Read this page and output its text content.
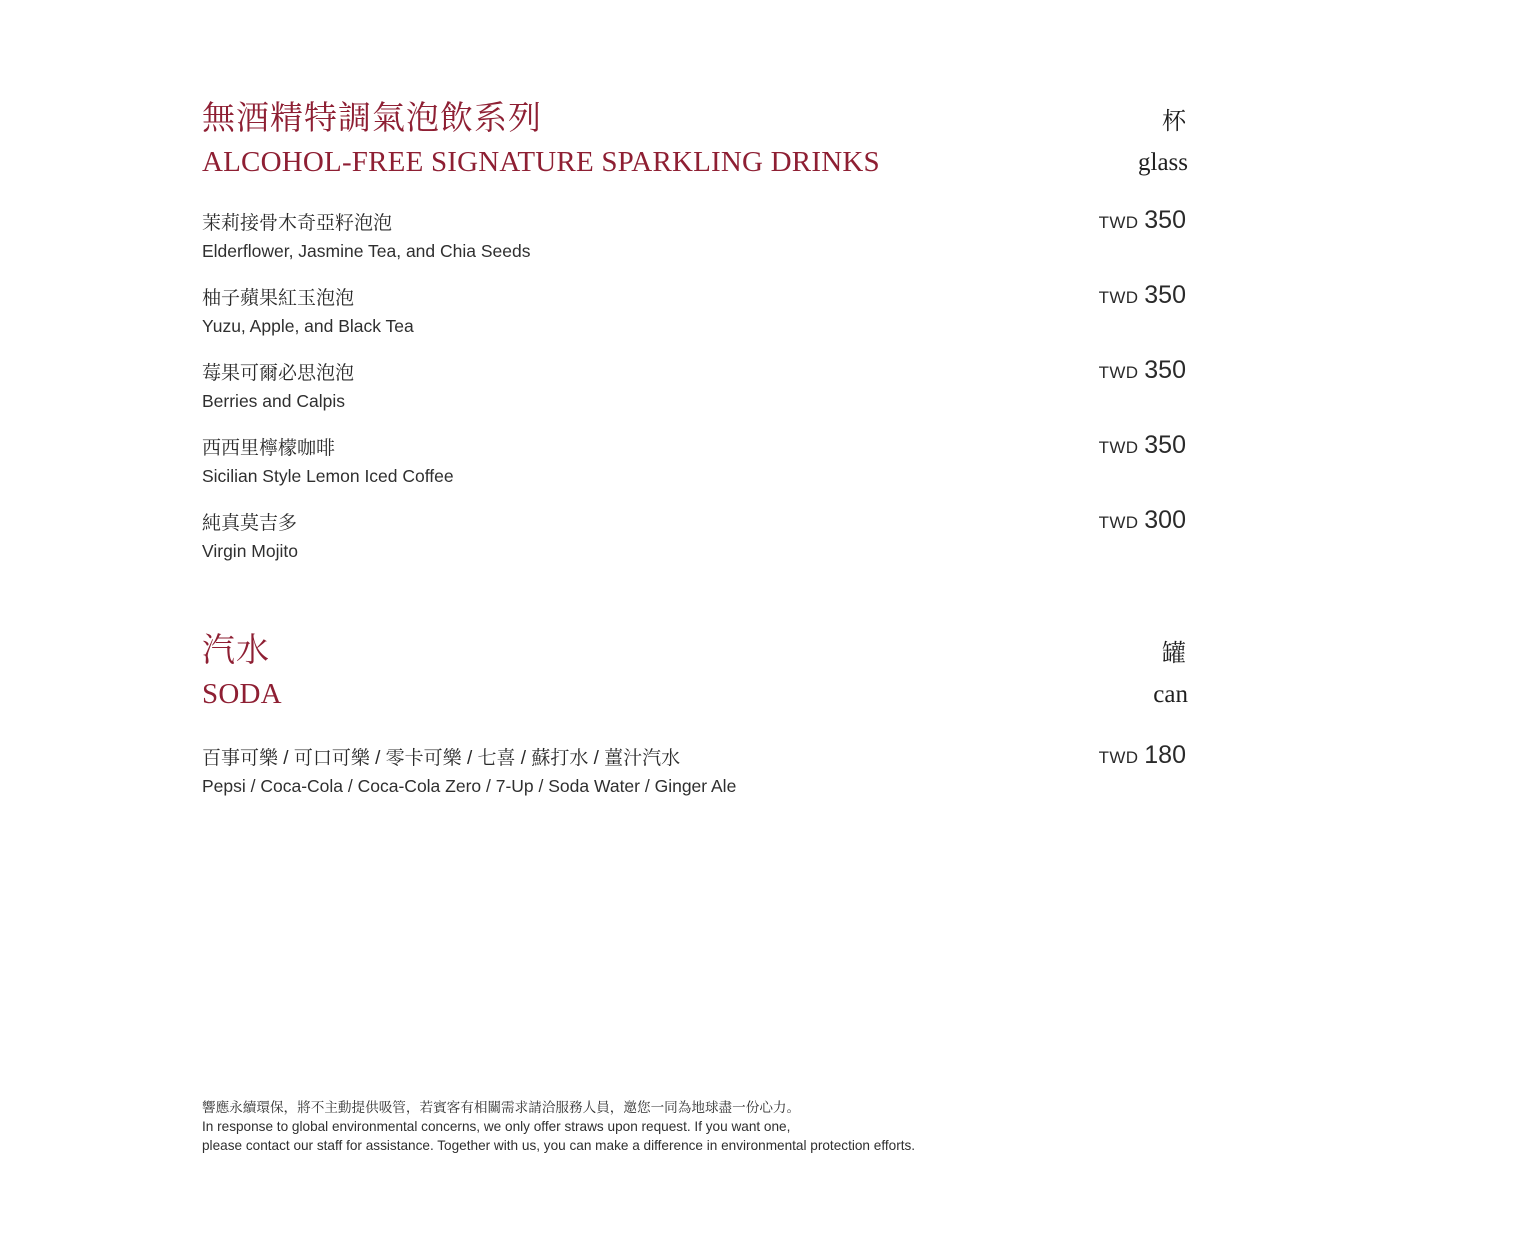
無酒精特調氣泡飲系列
ALCOHOL-FREE SIGNATURE SPARKLING DRINKS
杯
glass
茉莉接骨木奇亞籽泡泡
Elderflower, Jasmine Tea, and Chia Seeds
TWD 350
柚子蘋果紅玉泡泡
Yuzu, Apple, and Black Tea
TWD 350
莓果可爾必思泡泡
Berries and Calpis
TWD 350
西西里檸檬咖啡
Sicilian Style Lemon Iced Coffee
TWD 350
純真莫吉多
Virgin Mojito
TWD 300
汽水
SODA
罐
can
百事可樂 / 可口可樂 / 零卡可樂 / 七喜 / 蘇打水 / 薑汁汽水
Pepsi / Coca-Cola / Coca-Cola Zero / 7-Up / Soda Water / Ginger Ale
TWD 180
響應永續環保，將不主動提供吸管，若賓客有相關需求請洽服務人員，邀您一同為地球盡一份心力。
In response to global environmental concerns, we only offer straws upon request. If you want one,
please contact our staff for assistance. Together with us, you can make a difference in environmental protection efforts.
